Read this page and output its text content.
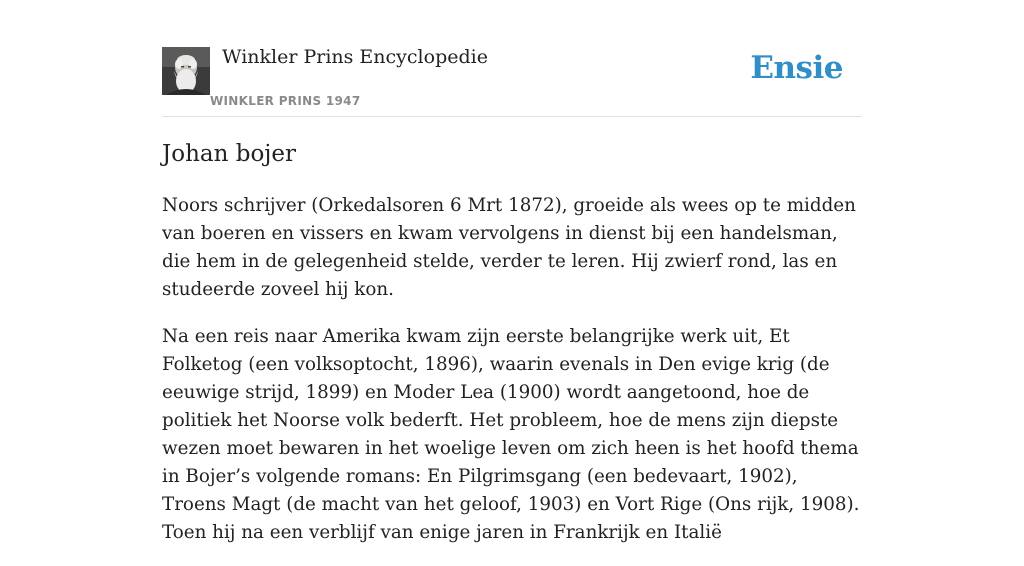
Winkler Prins Encyclopedie
WINKLER PRINS 1947
Ensie
Johan bojer

Noors schrijver (Orkedalsoren 6 Mrt 1872), groeide als wees op te midden van boeren en vissers en kwam vervolgens in dienst bij een handelsman, die hem in de gelegenheid stelde, verder te leren. Hij zwierf rond, las en studeerde zoveel hij kon.

Na een reis naar Amerika kwam zijn eerste belangrijke werk uit, Et Folketog (een volksoptocht, 1896), waarin evenals in Den evige krig (de eeuwige strijd, 1899) en Moder Lea (1900) wordt aangetoond, hoe de politiek het Noorse volk bederft. Het probleem, hoe de mens zijn diepste wezen moet bewaren in het woelige leven om zich heen is het hoofd thema in Bojer’s volgende romans: En Pilgrimsgang (een bedevaart, 1902), Troens Magt (de macht van het geloof, 1903) en Vort Rige (Ons rijk, 1908). Toen hij na een verblijf van enige jaren in Frankrijk en Italië
